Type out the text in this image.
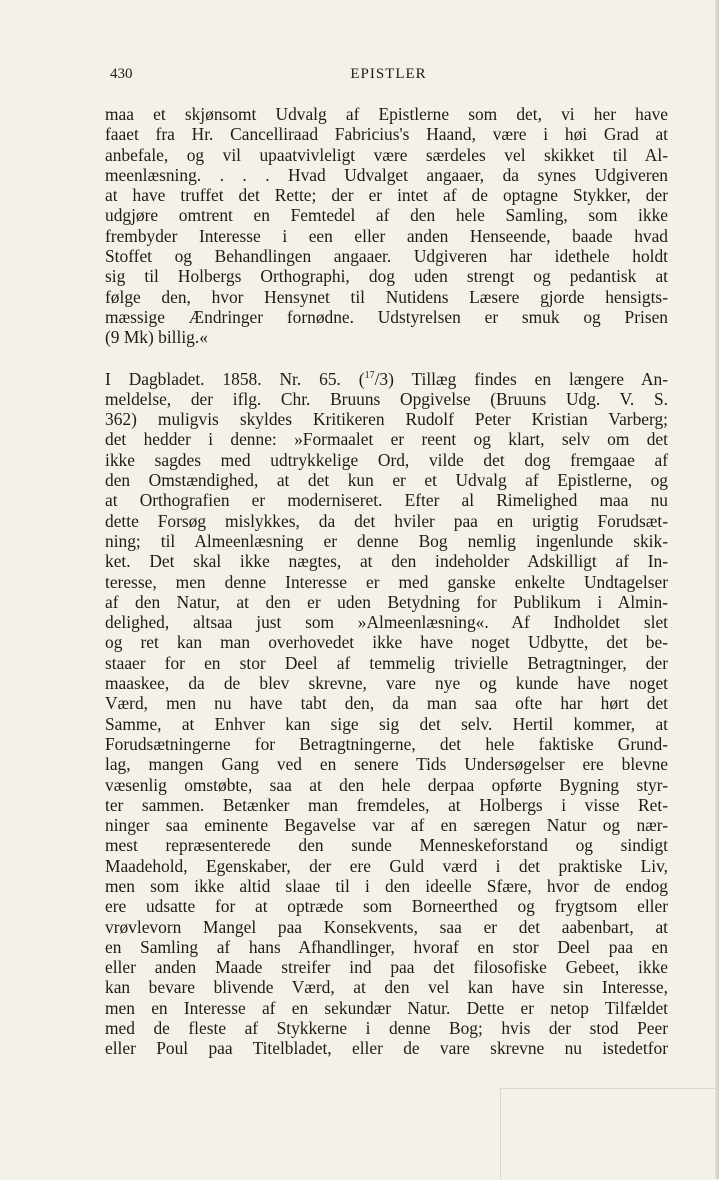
430	EPISTLER
maa et skjønsomt Udvalg af Epistlerne som det, vi her have
faaet fra Hr. Cancelliraad Fabricius's Haand, være i høi Grad at
anbefale, og vil upaatvivleligt være særdeles vel skikket til Al-
meenlæsning. . . . Hvad Udvalget angaaer, da synes Udgiveren
at have truffet det Rette; der er intet af de optagne Stykker, der
udgjøre omtrent en Femtedel af den hele Samling, som ikke
frembyder Interesse i een eller anden Henseende, baade hvad
Stoffet og Behandlingen angaaer. Udgiveren har idethele holdt
sig til Holbergs Orthographi, dog uden strengt og pedantisk at
følge den, hvor Hensynet til Nutidens Læsere gjorde hensigts-
mæssige Ændringer fornødne. Udstyrelsen er smuk og Prisen
(9 Mk) billig.«
I Dagbladet. 1858. Nr. 65. ($^{17}$/3) Tillæg findes en længere An-
meldelse, der iflg. Chr. Bruuns Opgivelse (Bruuns Udg. V. S.
362) muligvis skyldes Kritikeren Rudolf Peter Kristian Varberg;
det hedder i denne: »Formaalet er reent og klart, selv om det
ikke sagdes med udtrykkelige Ord, vilde det dog fremgaae af
den Omstændighed, at det kun er et Udvalg af Epistlerne, og
at Orthografien er moderniseret. Efter al Rimelighed maa nu
dette Forsøg mislykkes, da det hviler paa en urigtig Forudsæt-
ning; til Almeenlæsning er denne Bog nemlig ingenlunde skik-
ket. Det skal ikke nægtes, at den indeholder Adskilligt af In-
teresse, men denne Interesse er med ganske enkelte Undtagelser
af den Natur, at den er uden Betydning for Publikum i Almin-
delighed, altsaa just som »Almeenlæsning«. Af Indholdet slet
og ret kan man overhovedet ikke have noget Udbytte, det be-
staaer for en stor Deel af temmelig trivielle Betragtninger, der
maaskee, da de blev skrevne, vare nye og kunde have noget
Værd, men nu have tabt den, da man saa ofte har hørt det
Samme, at Enhver kan sige sig det selv. Hertil kommer, at
Forudsætningerne for Betragtningerne, det hele faktiske Grund-
lag, mangen Gang ved en senere Tids Undersøgelser ere blevne
væsenlig omstøbte, saa at den hele derpaa opførte Bygning styr-
ter sammen. Betænker man fremdeles, at Holbergs i visse Ret-
ninger saa eminente Begavelse var af en særegen Natur og nær-
mest repræsenterede den sunde Menneskeforstand og sindigt
Maadehold, Egenskaber, der ere Guld værd i det praktiske Liv,
men som ikke altid slaae til i den ideelle Sfære, hvor de endog
ere udsatte for at optræde som Borneerthed og frygtsom eller
vrøvlevorn Mangel paa Konsekvents, saa er det aabenbart, at
en Samling af hans Afhandlinger, hvoraf en stor Deel paa en
eller anden Maade streifer ind paa det filosofiske Gebeet, ikke
kan bevare blivende Værd, at den vel kan have sin Interesse,
men en Interesse af en sekundær Natur. Dette er netop Tilfældet
med de fleste af Stykkerne i denne Bog; hvis der stod Peer
eller Poul paa Titelbladet, eller de vare skrevne nu istedetfor
